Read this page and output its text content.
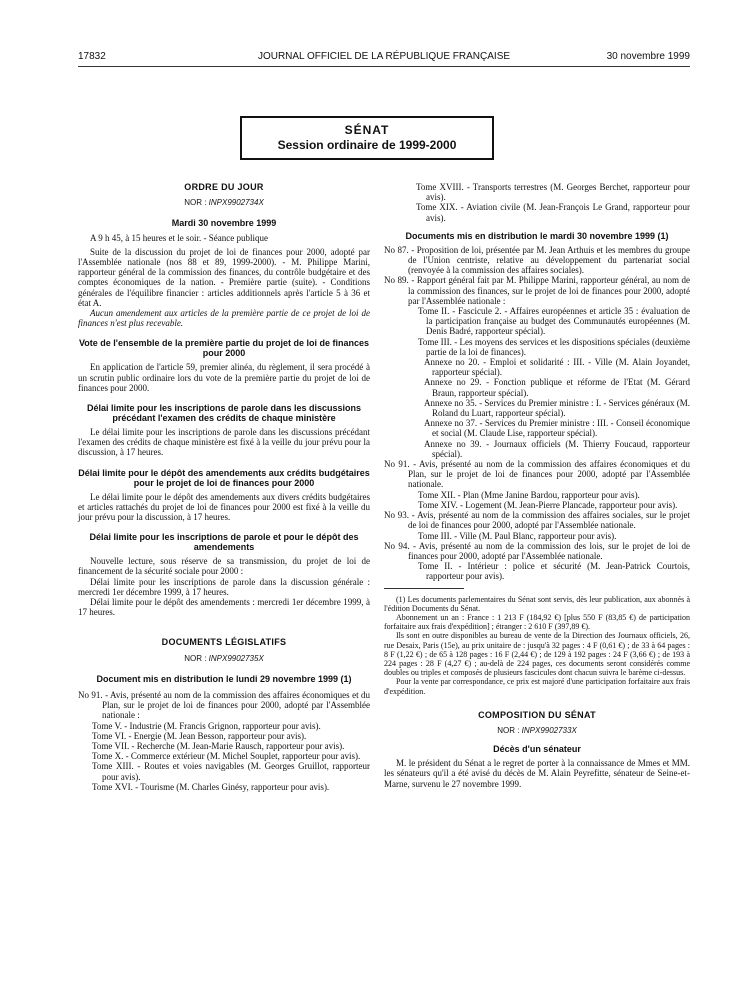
17832	JOURNAL OFFICIEL DE LA RÉPUBLIQUE FRANÇAISE	30 novembre 1999
SÉNAT
Session ordinaire de 1999-2000
ORDRE DU JOUR
NOR : INPX9902734X
Mardi 30 novembre 1999

A 9 h 45, à 15 heures et le soir. - Séance publique

Suite de la discussion du projet de loi de finances pour 2000, adopté par l'Assemblée nationale (nos 88 et 89, 1999-2000). - M. Philippe Marini, rapporteur général de la commission des finances, du contrôle budgétaire et des comptes économiques de la nation. - Première partie (suite). - Conditions générales de l'équilibre financier : articles additionnels après l'article 5 à 36 et état A.

Aucun amendement aux articles de la première partie de ce projet de loi de finances n'est plus recevable.

Vote de l'ensemble de la première partie du projet de loi de finances pour 2000

En application de l'article 59, premier alinéa, du règlement, il sera procédé à un scrutin public ordinaire lors du vote de la première partie du projet de loi de finances pour 2000.

Délai limite pour les inscriptions de parole dans les discussions précédant l'examen des crédits de chaque ministère

Le délai limite pour les inscriptions de parole dans les discussions précédant l'examen des crédits de chaque ministère est fixé à la veille du jour prévu pour la discussion, à 17 heures.

Délai limite pour le dépôt des amendements aux crédits budgétaires pour le projet de loi de finances pour 2000

Le délai limite pour le dépôt des amendements aux divers crédits budgétaires et articles rattachés du projet de loi de finances pour 2000 est fixé à la veille du jour prévu pour la discussion, à 17 heures.

Délai limite pour les inscriptions de parole et pour le dépôt des amendements

Nouvelle lecture, sous réserve de sa transmission, du projet de loi de financement de la sécurité sociale pour 2000 :

Délai limite pour les inscriptions de parole dans la discussion générale : mercredi 1er décembre 1999, à 17 heures.

Délai limite pour le dépôt des amendements : mercredi 1er décembre 1999, à 17 heures.

DOCUMENTS LÉGISLATIFS
NOR : INPX9902735X
Document mis en distribution le lundi 29 novembre 1999 (1)

No 91. - Avis, présenté au nom de la commission des affaires économiques et du Plan, sur le projet de loi de finances pour 2000, adopté par l'Assemblée nationale :

Tome V. - Industrie (M. Francis Grignon, rapporteur pour avis).

Tome VI. - Energie (M. Jean Besson, rapporteur pour avis).

Tome VII. - Recherche (M. Jean-Marie Rausch, rapporteur pour avis).

Tome X. - Commerce extérieur (M. Michel Souplet, rapporteur pour avis).

Tome XIII. - Routes et voies navigables (M. Georges Gruillot, rapporteur pour avis).

Tome XVI. - Tourisme (M. Charles Ginésy, rapporteur pour avis).

Tome XVIII. - Transports terrestres (M. Georges Berchet, rapporteur pour avis).

Tome XIX. - Aviation civile (M. Jean-François Le Grand, rapporteur pour avis).

Documents mis en distribution le mardi 30 novembre 1999 (1)

No 87. - Proposition de loi, présentée par M. Jean Arthuis et les membres du groupe de l'Union centriste, relative au développement du partenariat social (renvoyée à la commission des affaires sociales).

No 89. - Rapport général fait par M. Philippe Marini, rapporteur général, au nom de la commission des finances, sur le projet de loi de finances pour 2000, adopté par l'Assemblée nationale :

Tome II. - Fascicule 2. - Affaires européennes et article 35 : évaluation de la participation française au budget des Communautés européennes (M. Denis Badré, rapporteur spécial).

Tome III. - Les moyens des services et les dispositions spéciales (deuxième partie de la loi de finances).

Annexe no 20. - Emploi et solidarité : III. - Ville (M. Alain Joyandet, rapporteur spécial).

Annexe no 29. - Fonction publique et réforme de l'Etat (M. Gérard Braun, rapporteur spécial).

Annexe no 35. - Services du Premier ministre : I. - Services généraux (M. Roland du Luart, rapporteur spécial).

Annexe no 37. - Services du Premier ministre : III. - Conseil économique et social (M. Claude Lise, rapporteur spécial).

Annexe no 39. - Journaux officiels (M. Thierry Foucaud, rapporteur spécial).

No 91. - Avis, présenté au nom de la commission des affaires économiques et du Plan, sur le projet de loi de finances pour 2000, adopté par l'Assemblée nationale.

Tome XII. - Plan (Mme Janine Bardou, rapporteur pour avis).

Tome XIV. - Logement (M. Jean-Pierre Plancade, rapporteur pour avis).

No 93. - Avis, présenté au nom de la commission des affaires sociales, sur le projet de loi de finances pour 2000, adopté par l'Assemblée nationale.

Tome III. - Ville (M. Paul Blanc, rapporteur pour avis).

No 94. - Avis, présenté au nom de la commission des lois, sur le projet de loi de finances pour 2000, adopté par l'Assemblée nationale.

Tome II. - Intérieur : police et sécurité (M. Jean-Patrick Courtois, rapporteur pour avis).

(1) Les documents parlementaires du Sénat sont servis, dès leur publication, aux abonnés à l'édition Documents du Sénat.

Abonnement un an : France : 1 213 F (184,92 €) [plus 550 F (83,85 €) de participation forfaitaire aux frais d'expédition] ; étranger : 2 610 F (397,89 €).

Ils sont en outre disponibles au bureau de vente de la Direction des Journaux officiels, 26, rue Desaix, Paris (15e), au prix unitaire de : jusqu'à 32 pages : 4 F (0,61 €) ; de 33 à 64 pages : 8 F (1,22 €) ; de 65 à 128 pages : 16 F (2,44 €) ; de 129 à 192 pages : 24 F (3,66 €) ; de 193 à 224 pages : 28 F (4,27 €) ; au-delà de 224 pages, ces documents seront considérés comme doubles ou triples et composés de plusieurs fascicules dont chacun suivra le barème ci-dessus.

Pour la vente par correspondance, ce prix est majoré d'une participation forfaitaire aux frais d'expédition.

COMPOSITION DU SÉNAT
NOR : INPX9902733X
Décès d'un sénateur

M. le président du Sénat a le regret de porter à la connaissance de Mmes et MM. les sénateurs qu'il a été avisé du décès de M. Alain Peyrefitte, sénateur de Seine-et-Marne, survenu le 27 novembre 1999.
